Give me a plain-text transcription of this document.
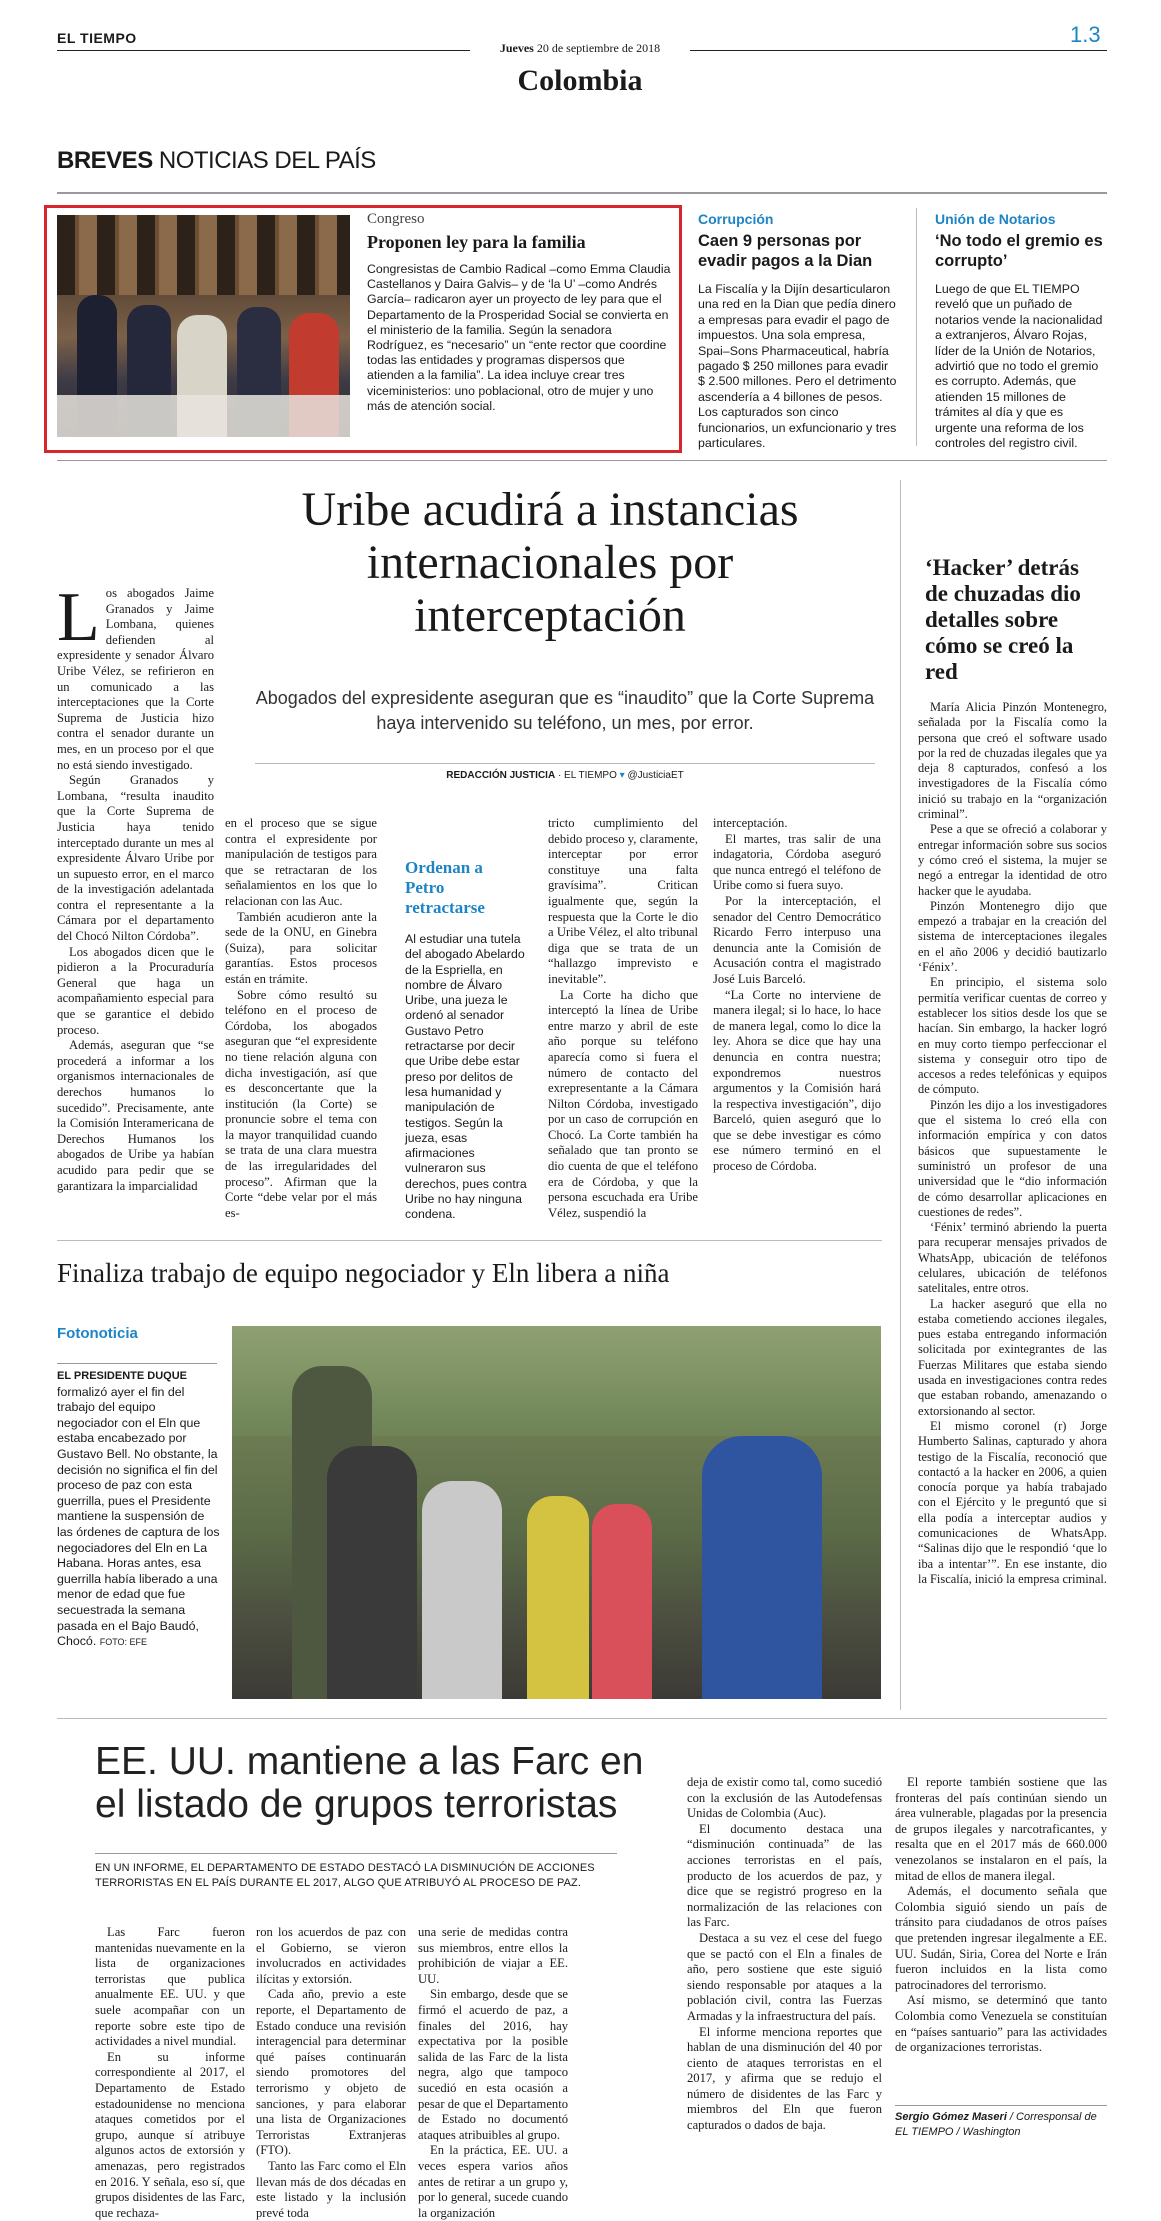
EL TIEMPO	1.3
Jueves 20 de septiembre de 2018
Colombia
BREVES NOTICIAS DEL PAÍS
Congreso
Proponen ley para la familia
Congresistas de Cambio Radical –como Emma Claudia Castellanos y Daira Galvis– y de ‘la U’ –como Andrés García– radicaron ayer un proyecto de ley para que el Departamento de la Prosperidad Social se convierta en el ministerio de la familia. Según la senadora Rodríguez, es “necesario” un “ente rector que coordine todas las entidades y programas dispersos que atienden a la familia”. La idea incluye crear tres viceministerios: uno poblacional, otro de mujer y uno más de atención social.
Corrupción
Caen 9 personas por evadir pagos a la Dian
La Fiscalía y la Dijín desarticularon una red en la Dian que pedía dinero a empresas para evadir el pago de impuestos. Una sola empresa, Spai–Sons Pharmaceutical, habría pagado $ 250 millones para evadir $ 2.500 millones. Pero el detrimento ascendería a 4 billones de pesos. Los capturados son cinco funcionarios, un exfuncionario y tres particulares.
Unión de Notarios
‘No todo el gremio es corrupto’
Luego de que EL TIEMPO reveló que un puñado de notarios vende la nacionalidad a extranjeros, Álvaro Rojas, líder de la Unión de Notarios, advirtió que no todo el gremio es corrupto. Además, que atienden 15 millones de trámites al día y que es urgente una reforma de los controles del registro civil.
Uribe acudirá a instancias internacionales por interceptación
Abogados del expresidente aseguran que es “inaudito” que la Corte Suprema haya intervenido su teléfono, un mes, por error.
REDACCIÓN JUSTICIA · EL TIEMPO ▾ @JusticiaET
L os abogados Jaime Granados y Jaime Lombana, quienes defienden al expresidente y senador Álvaro Uribe Vélez, se refirieron en un comunicado a las interceptaciones que la Corte Suprema de Justicia hizo contra el senador durante un mes, en un proceso por el que no está siendo investigado.

Según Granados y Lombana, “resulta inaudito que la Corte Suprema de Justicia haya tenido interceptado durante un mes al expresidente Álvaro Uribe por un supuesto error, en el marco de la investigación adelantada contra el representante a la Cámara por el departamento del Chocó Nilton Córdoba”.

Los abogados dicen que le pidieron a la Procuraduría General que haga un acompañamiento especial para que se garantice el debido proceso.

Además, aseguran que “se procederá a informar a los organismos internacionales de derechos humanos lo sucedido”. Precisamente, ante la Comisión Interamericana de Derechos Humanos los abogados de Uribe ya habían acudido para pedir que se garantizara la imparcialidad

en el proceso que se sigue contra el expresidente por manipulación de testigos para que se retractaran de los señalamientos en los que lo relacionan con las Auc.

También acudieron ante la sede de la ONU, en Ginebra (Suiza), para solicitar garantías. Estos procesos están en trámite.

Sobre cómo resultó su teléfono en el proceso de Córdoba, los abogados aseguran que “el expresidente no tiene relación alguna con dicha investigación, así que es desconcertante que la institución (la Corte) se pronuncie sobre el tema con la mayor tranquilidad cuando se trata de una clara muestra de las irregularidades del proceso”. Afirman que la Corte “debe velar por el más es-

Ordenan a Petro retractarse
Al estudiar una tutela del abogado Abelardo de la Espriella, en nombre de Álvaro Uribe, una jueza le ordenó al senador Gustavo Petro retractarse por decir que Uribe debe estar preso por delitos de lesa humanidad y manipulación de testigos. Según la jueza, esas afirmaciones vulneraron sus derechos, pues contra Uribe no hay ninguna condena.

tricto cumplimiento del debido proceso y, claramente, interceptar por error constituye una falta gravísima”. Critican igualmente que, según la respuesta que la Corte le dio a Uribe Vélez, el alto tribunal diga que se trata de un “hallazgo imprevisto e inevitable”.

La Corte ha dicho que interceptó la línea de Uribe entre marzo y abril de este año porque su teléfono aparecía como si fuera el número de contacto del exrepresentante a la Cámara Nilton Córdoba, investigado por un caso de corrupción en Chocó. La Corte también ha señalado que tan pronto se dio cuenta de que el teléfono era de Córdoba, y que la persona escuchada era Uribe Vélez, suspendió la

interceptación.

El martes, tras salir de una indagatoria, Córdoba aseguró que nunca entregó el teléfono de Uribe como si fuera suyo.

Por la interceptación, el senador del Centro Democrático Ricardo Ferro interpuso una denuncia ante la Comisión de Acusación contra el magistrado José Luis Barceló.

“La Corte no interviene de manera ilegal; si lo hace, lo hace de manera legal, como lo dice la ley. Ahora se dice que hay una denuncia en contra nuestra; expondremos nuestros argumentos y la Comisión hará la respectiva investigación”, dijo Barceló, quien aseguró que lo que se debe investigar es cómo ese número terminó en el proceso de Córdoba.

‘Hacker’ detrás de chuzadas dio detalles sobre cómo se creó la red

María Alicia Pinzón Montenegro, señalada por la Fiscalía como la persona que creó el software usado por la red de chuzadas ilegales que ya deja 8 capturados, confesó a los investigadores de la Fiscalía cómo inició su trabajo en la “organización criminal”.

Pese a que se ofreció a colaborar y entregar información sobre sus socios y cómo creó el sistema, la mujer se negó a entregar la identidad de otro hacker que le ayudaba.

Pinzón Montenegro dijo que empezó a trabajar en la creación del sistema de interceptaciones ilegales en el año 2006 y decidió bautizarlo ‘Fénix’.

En principio, el sistema solo permitía verificar cuentas de correo y establecer los sitios desde los que se hacían. Sin embargo, la hacker logró en muy corto tiempo perfeccionar el sistema y conseguir otro tipo de accesos a redes telefónicas y equipos de cómputo.

Pinzón les dijo a los investigadores que el sistema lo creó ella con información empírica y con datos básicos que supuestamente le suministró un profesor de una universidad que le “dio información de cómo desarrollar aplicaciones en cuestiones de redes”.

‘Fénix’ terminó abriendo la puerta para recuperar mensajes privados de WhatsApp, ubicación de teléfonos celulares, ubicación de teléfonos satelitales, entre otros.

La hacker aseguró que ella no estaba cometiendo acciones ilegales, pues estaba entregando información solicitada por exintegrantes de las Fuerzas Militares que estaba siendo usada en investigaciones contra redes que estaban robando, amenazando o extorsionando al sector.

El mismo coronel (r) Jorge Humberto Salinas, capturado y ahora testigo de la Fiscalía, reconoció que contactó a la hacker en 2006, a quien conocía porque ya había trabajado con el Ejército y le preguntó que si ella podía a interceptar audios y comunicaciones de WhatsApp. “Salinas dijo que le respondió ‘que lo iba a intentar’”. En ese instante, dio la Fiscalía, inició la empresa criminal.

Finaliza trabajo de equipo negociador y Eln libera a niña
Fotonoticia
EL PRESIDENTE DUQUE formalizó ayer el fin del trabajo del equipo negociador con el Eln que estaba encabezado por Gustavo Bell. No obstante, la decisión no significa el fin del proceso de paz con esta guerrilla, pues el Presidente mantiene la suspensión de las órdenes de captura de los negociadores del Eln en La Habana. Horas antes, esa guerrilla había liberado a una menor de edad que fue secuestrada la semana pasada en el Bajo Baudó, Chocó. FOTO: EFE
EE. UU. mantiene a las Farc en el listado de grupos terroristas
EN UN INFORME, EL DEPARTAMENTO DE ESTADO DESTACÓ LA DISMINUCIÓN DE ACCIONES TERRORISTAS EN EL PAÍS DURANTE EL 2017, ALGO QUE ATRIBUYÓ AL PROCESO DE PAZ.

Las Farc fueron mantenidas nuevamente en la lista de organizaciones terroristas que publica anualmente EE. UU. y que suele acompañar con un reporte sobre este tipo de actividades a nivel mundial.

En su informe correspondiente al 2017, el Departamento de Estado estadounidense no menciona ataques cometidos por el grupo, aunque sí atribuye algunos actos de extorsión y amenazas, pero registrados en 2016. Y señala, eso sí, que grupos disidentes de las Farc, que rechaza-

ron los acuerdos de paz con el Gobierno, se vieron involucrados en actividades ilícitas y extorsión.

Cada año, previo a este reporte, el Departamento de Estado conduce una revisión interagencial para determinar qué países continuarán siendo promotores del terrorismo y objeto de sanciones, y para elaborar una lista de Organizaciones Terroristas Extranjeras (FTO).

Tanto las Farc como el Eln llevan más de dos décadas en este listado y la inclusión prevé toda

una serie de medidas contra sus miembros, entre ellos la prohibición de viajar a EE. UU.

Sin embargo, desde que se firmó el acuerdo de paz, a finales del 2016, hay expectativa por la posible salida de las Farc de la lista negra, algo que tampoco sucedió en esta ocasión a pesar de que el Departamento de Estado no documentó ataques atribuibles al grupo.

En la práctica, EE. UU. a veces espera varios años antes de retirar a un grupo y, por lo general, sucede cuando la organización

deja de existir como tal, como sucedió con la exclusión de las Autodefensas Unidas de Colombia (Auc).

El documento destaca una “disminución continuada” de las acciones terroristas en el país, producto de los acuerdos de paz, y dice que se registró progreso en la normalización de las relaciones con las Farc.

Destaca a su vez el cese del fuego que se pactó con el Eln a finales de año, pero sostiene que este siguió siendo responsable por ataques a la población civil, contra las Fuerzas Armadas y la infraestructura del país.

El informe menciona reportes que hablan de una disminución del 40 por ciento de ataques terroristas en el 2017, y afirma que se redujo el número de disidentes de las Farc y miembros del Eln que fueron capturados o dados de baja.

El reporte también sostiene que las fronteras del país continúan siendo un área vulnerable, plagadas por la presencia de grupos ilegales y narcotraficantes, y resalta que en el 2017 más de 660.000 venezolanos se instalaron en el país, la mitad de ellos de manera ilegal.

Además, el documento señala que Colombia siguió siendo un país de tránsito para ciudadanos de otros países que pretenden ingresar ilegalmente a EE. UU. Sudán, Siria, Corea del Norte e Irán fueron incluidos en la lista como patrocinadores del terrorismo.

Así mismo, se determinó que tanto Colombia como Venezuela se constituían en “países santuario” para las actividades de organizaciones terroristas.

Sergio Gómez Maseri / Corresponsal de EL TIEMPO / Washington
